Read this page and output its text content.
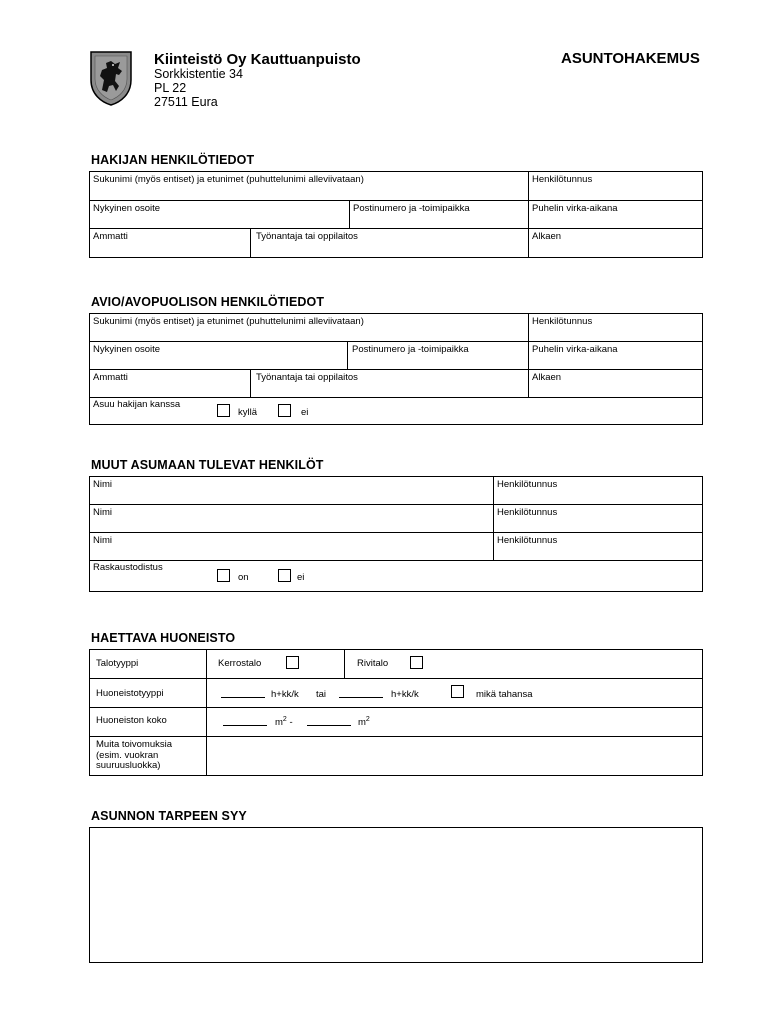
Kiinteistö Oy Kauttuanpuisto
Sorkkistentie 34
PL 22
27511 Eura
ASUNTOHAKEMUS
HAKIJAN HENKILÖTIEDOT
Sukunimi (myös entiset) ja etunimet (puhuttelunimi alleviivataan)	Henkilötunnus
Nykyinen osoite	Postinumero ja -toimipaikka	Puhelin virka-aikana
Ammatti	Työnantaja tai oppilaitos	Alkaen
AVIO/AVOPUOLISON HENKILÖTIEDOT
Sukunimi (myös entiset) ja etunimet (puhuttelunimi alleviivataan)	Henkilötunnus
Nykyinen osoite	Postinumero ja -toimipaikka	Puhelin virka-aikana
Ammatti	Työnantaja tai oppilaitos	Alkaen
Asuu hakijan kanssa
kyllä	ei
MUUT ASUMAAN TULEVAT HENKILÖT
Nimi	Henkilötunnus
Nimi	Henkilötunnus
Nimi	Henkilötunnus
Raskaustodistus
on	ei
HAETTAVA HUONEISTO
Talotyyppi	Kerrostalo	Rivitalo
Huoneistotyyppi	h+kk/k tai	h+kk/k	mikä tahansa
Huoneiston koko	$m^2$ -	$m^2$
Muita toivomuksia
(esim. vuokran
suuruusluokka)
ASUNNON TARPEEN SYY
